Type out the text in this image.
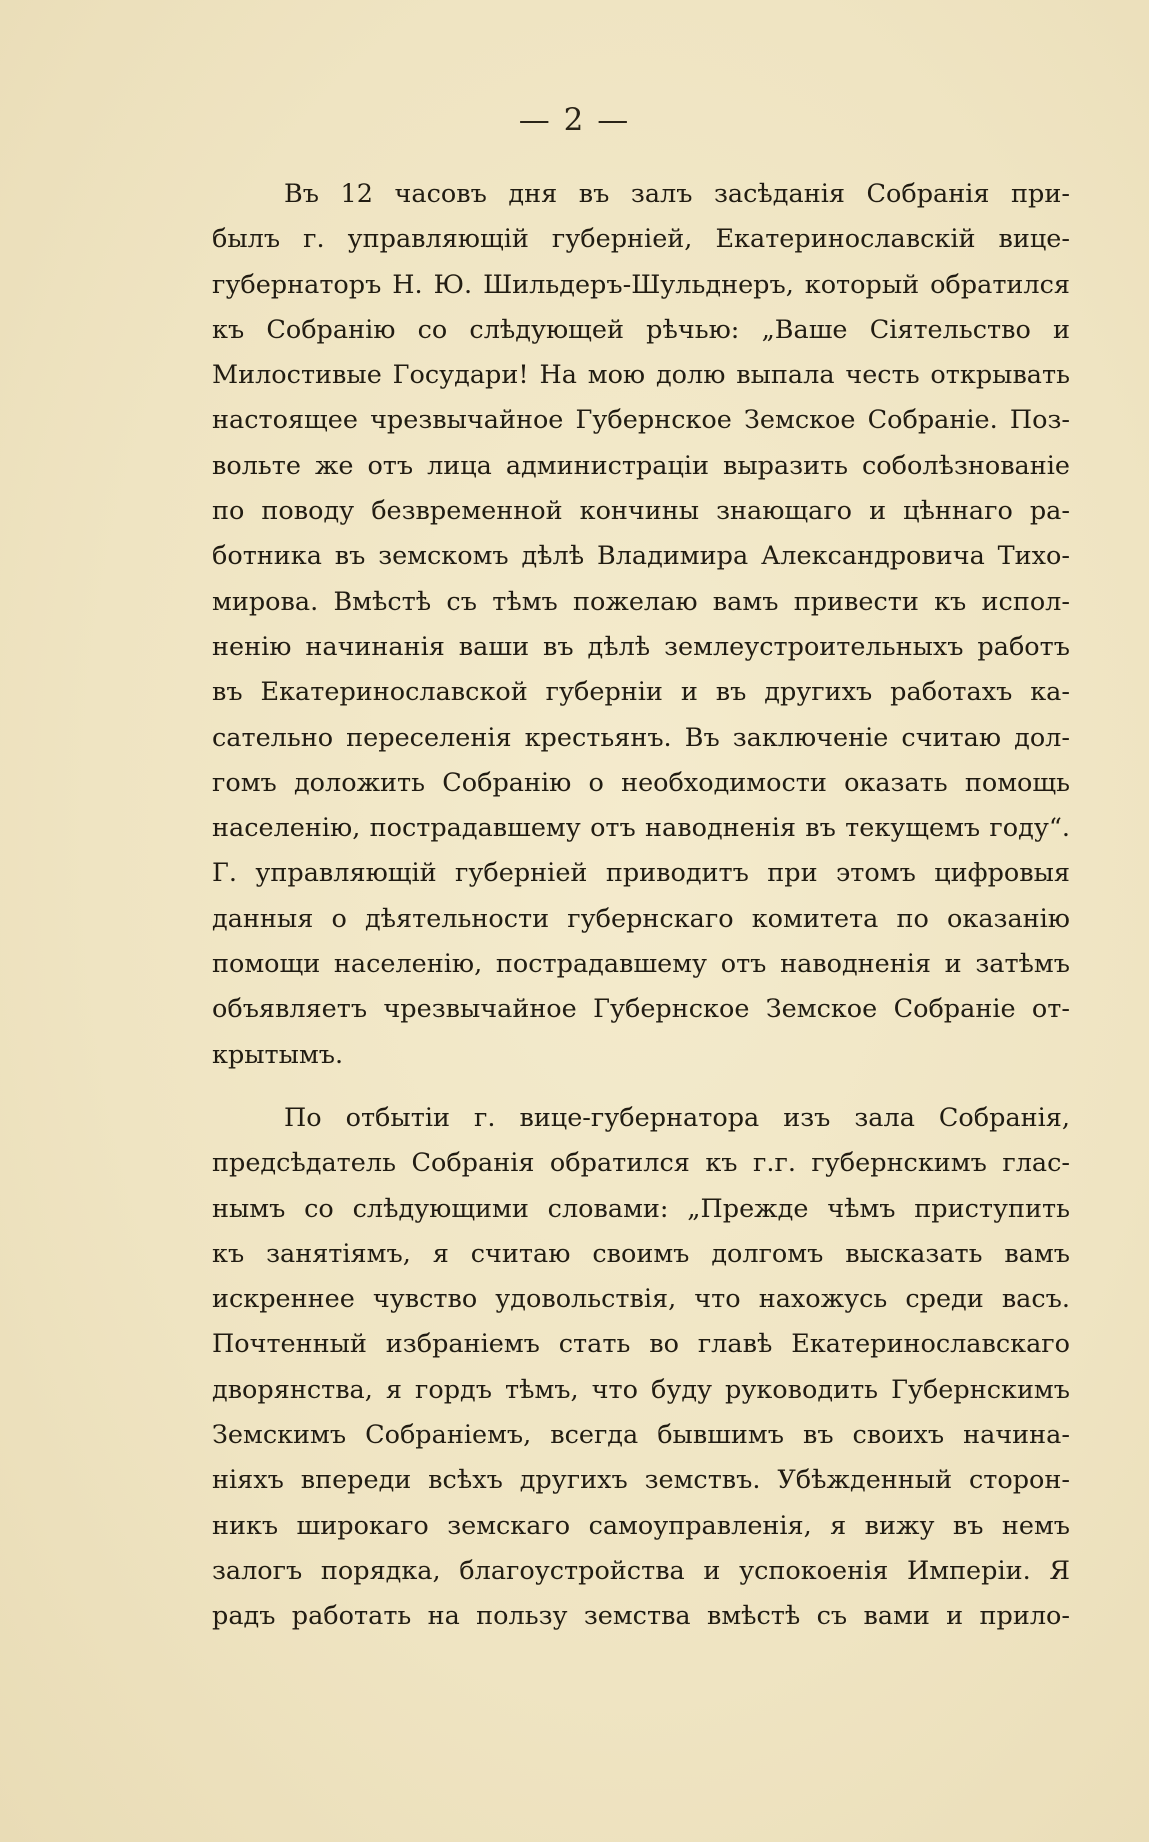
— 2 —
Въ 12 часовъ дня въ залъ засѣданія Собранія при-
былъ г. управляющій губерніей, Екатеринославскій вице-
губернаторъ Н. Ю. Шильдеръ-Шульднеръ, который обратился
къ Собранію со слѣдующей рѣчью: „Ваше Сіятельство и
Милостивые Государи! На мою долю выпала честь открывать
настоящее чрезвычайное Губернское Земское Собраніе. Поз-
вольте же отъ лица администраціи выразить соболѣзнованіе
по поводу безвременной кончины знающаго и цѣннаго ра-
ботника въ земскомъ дѣлѣ Владимира Александровича Тихо-
мирова. Вмѣстѣ съ тѣмъ пожелаю вамъ привести къ испол-
ненію начинанія ваши въ дѣлѣ землеустроительныхъ работъ
въ Екатеринославской губерніи и въ другихъ работахъ ка-
сательно переселенія крестьянъ. Въ заключеніе считаю дол-
гомъ доложить Собранію о необходимости оказать помощь
населенію, пострадавшему отъ наводненія въ текущемъ году“.
Г. управляющій губерніей приводитъ при этомъ цифровыя
данныя о дѣятельности губернскаго комитета по оказанію
помощи населенію, пострадавшему отъ наводненія и затѣмъ
объявляетъ чрезвычайное Губернское Земское Собраніе от-
крытымъ.
По отбытіи г. вице-губернатора изъ зала Собранія,
предсѣдатель Собранія обратился къ г.г. губернскимъ глас-
нымъ со слѣдующими словами: „Прежде чѣмъ приступить
къ занятіямъ, я считаю своимъ долгомъ высказать вамъ
искреннее чувство удовольствія, что нахожусь среди васъ.
Почтенный избраніемъ стать во главѣ Екатеринославскаго
дворянства, я гордъ тѣмъ, что буду руководить Губернскимъ
Земскимъ Собраніемъ, всегда бывшимъ въ своихъ начина-
ніяхъ впереди всѣхъ другихъ земствъ. Убѣжденный сторон-
никъ широкаго земскаго самоуправленія, я вижу въ немъ
залогъ порядка, благоустройства и успокоенія Имперіи. Я
радъ работать на пользу земства вмѣстѣ съ вами и прило-
